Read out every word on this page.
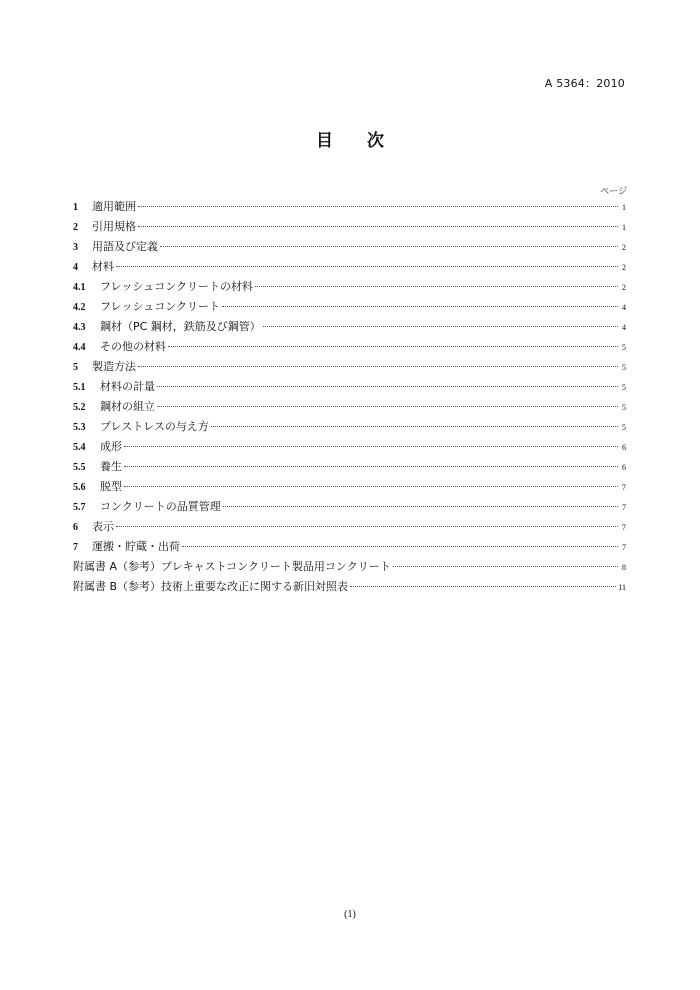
A 5364：2010
目 次
ページ
1	適用範囲	1
2	引用規格	1
3	用語及び定義	2
4	材料	2
4.1	フレッシュコンクリートの材料	2
4.2	フレッシュコンクリート	4
4.3	鋼材（PC 鋼材，鉄筋及び鋼管）	4
4.4	その他の材料	5
5	製造方法	5
5.1	材料の計量	5
5.2	鋼材の組立	5
5.3	プレストレスの与え方	5
5.4	成形	6
5.5	養生	6
5.6	脱型	7
5.7	コンクリートの品質管理	7
6	表示	7
7	運搬・貯蔵・出荷	7
附属書 A（参考）プレキャストコンクリート製品用コンクリート	8
附属書 B（参考）技術上重要な改正に関する新旧対照表	11
(1)
